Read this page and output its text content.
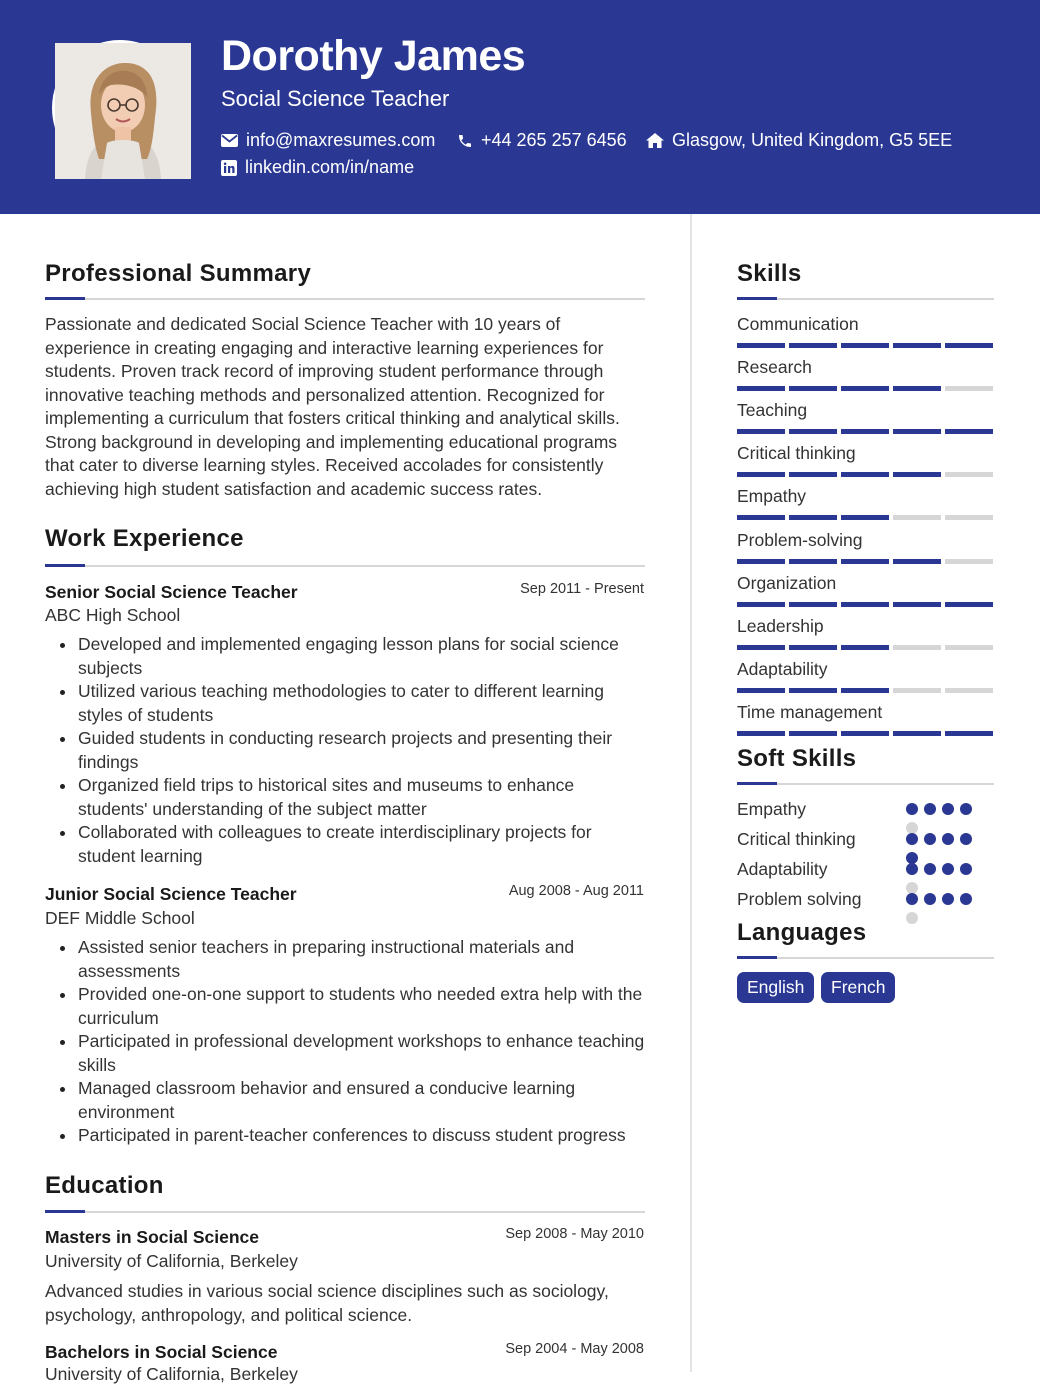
Dorothy James
Social Science Teacher
info@maxresumes.com	+44 265 257 6456	Glasgow, United Kingdom, G5 5EE
linkedin.com/in/name
Professional Summary
Passionate and dedicated Social Science Teacher with 10 years of experience in creating engaging and interactive learning experiences for students. Proven track record of improving student performance through innovative teaching methods and personalized attention. Recognized for implementing a curriculum that fosters critical thinking and analytical skills. Strong background in developing and implementing educational programs that cater to diverse learning styles. Received accolades for consistently achieving high student satisfaction and academic success rates.
Work Experience
Senior Social Science Teacher	Sep 2011 - Present
ABC High School
Developed and implemented engaging lesson plans for social science subjects
Utilized various teaching methodologies to cater to different learning styles of students
Guided students in conducting research projects and presenting their findings
Organized field trips to historical sites and museums to enhance students' understanding of the subject matter
Collaborated with colleagues to create interdisciplinary projects for student learning
Junior Social Science Teacher	Aug 2008 - Aug 2011
DEF Middle School
Assisted senior teachers in preparing instructional materials and assessments
Provided one-on-one support to students who needed extra help with the curriculum
Participated in professional development workshops to enhance teaching skills
Managed classroom behavior and ensured a conducive learning environment
Participated in parent-teacher conferences to discuss student progress
Education
Masters in Social Science	Sep 2008 - May 2010
University of California, Berkeley
Advanced studies in various social science disciplines such as sociology, psychology, anthropology, and political science.
Bachelors in Social Science	Sep 2004 - May 2008
University of California, Berkeley
Skills
Communication
Research
Teaching
Critical thinking
Empathy
Problem-solving
Organization
Leadership
Adaptability
Time management
Soft Skills
Empathy
Critical thinking
Adaptability
Problem solving
Languages
English	French
